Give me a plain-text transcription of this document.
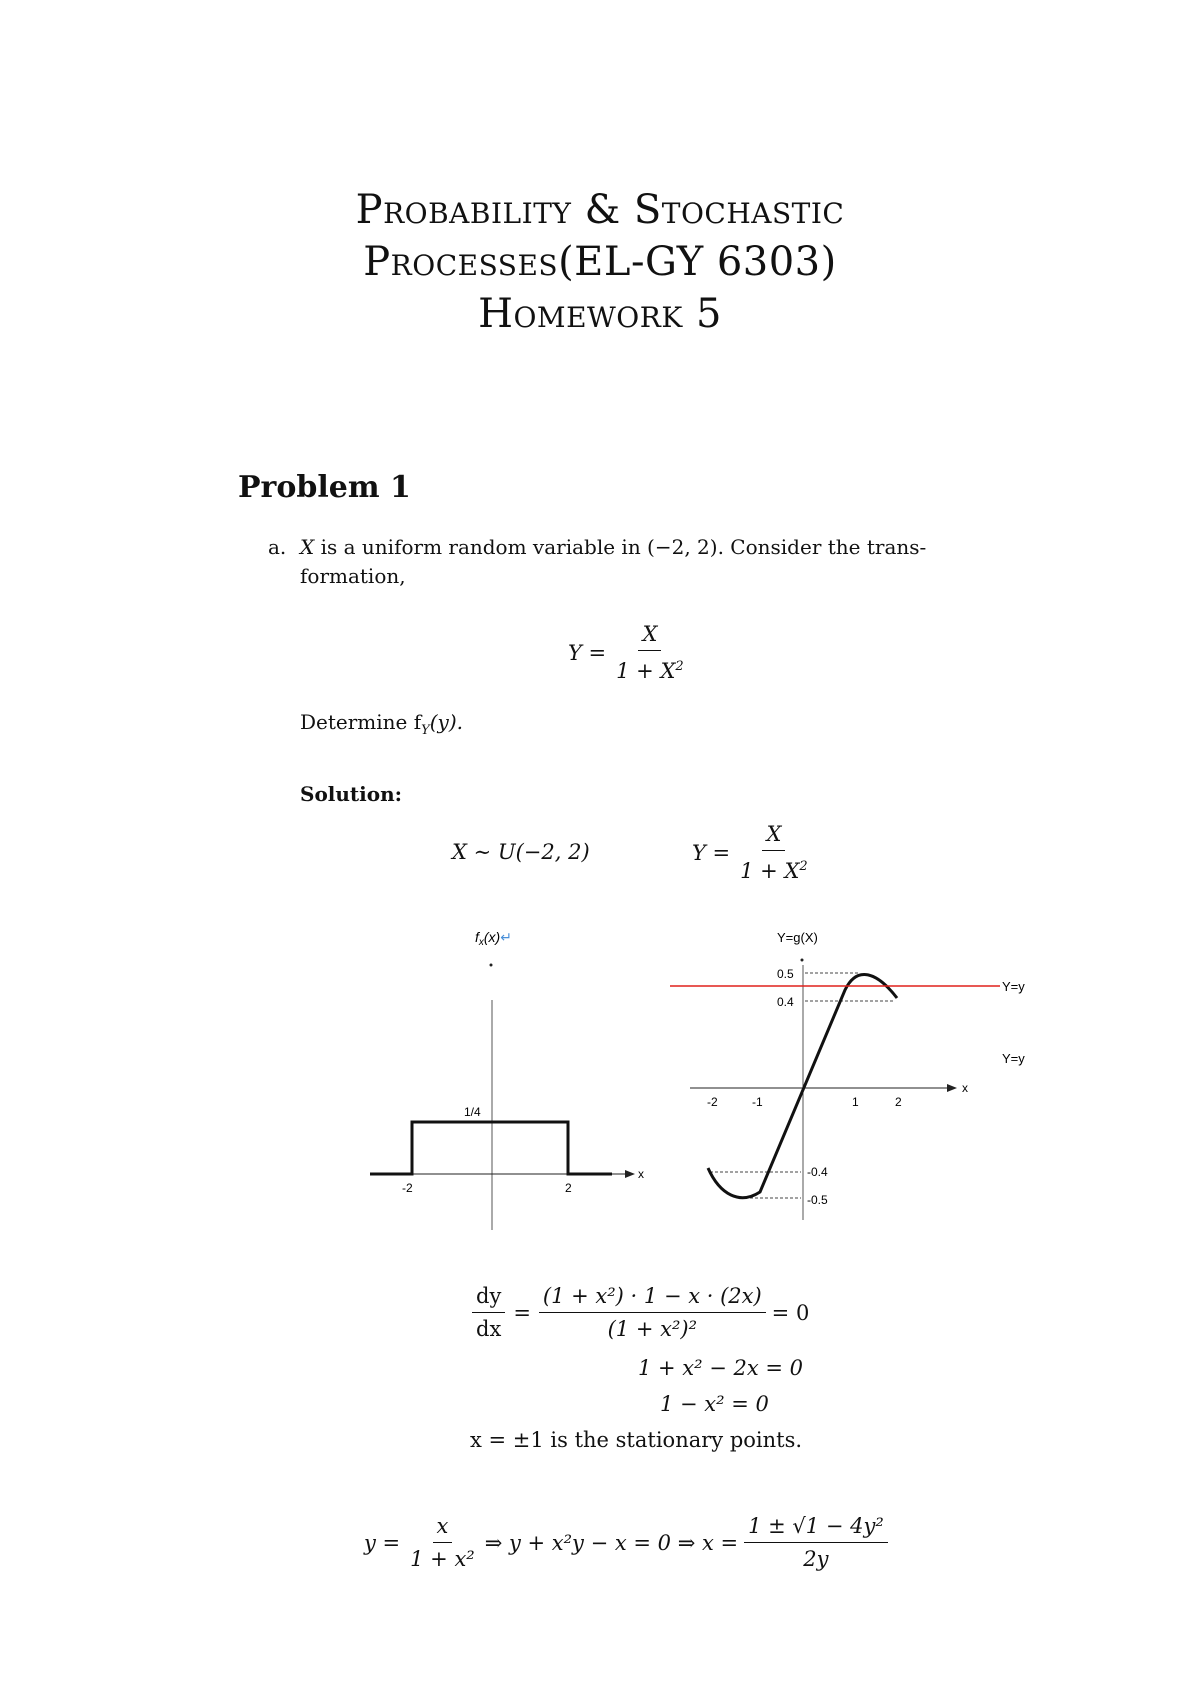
Probability & Stochastic
Processes(EL-GY 6303)
Homework 5
Problem 1
a. X is a uniform random variable in (−2, 2). Consider the trans-
formation,
$Y = \frac{X}{1 + X^2}$
Determine $f_Y(y)$.
Solution:
X ∼ U(−2, 2)	$Y = \frac{X}{1 + X^2}$
$f_x(x)↵$
x
1/4
-2	2
Y=g(X)
x
-2	-1	1	2
0.5
0.4
-0.4
-0.5
Y=y
Y=y
$\frac{dy}{dx} = \frac{\text{(1 + x²) · 1 − x · (2x)}}{\text{(1 + x²)²}} = 0$
1 + x² − 2x = 0
1 − x² = 0
x = ±1 is the stationary points.
$y = \frac{x}{\text{1 + x²}}$ ⇒ y + x²y − x = 0 ⇒ $x = \frac{\text{1 ± √1 − 4y²}}{2y}$
